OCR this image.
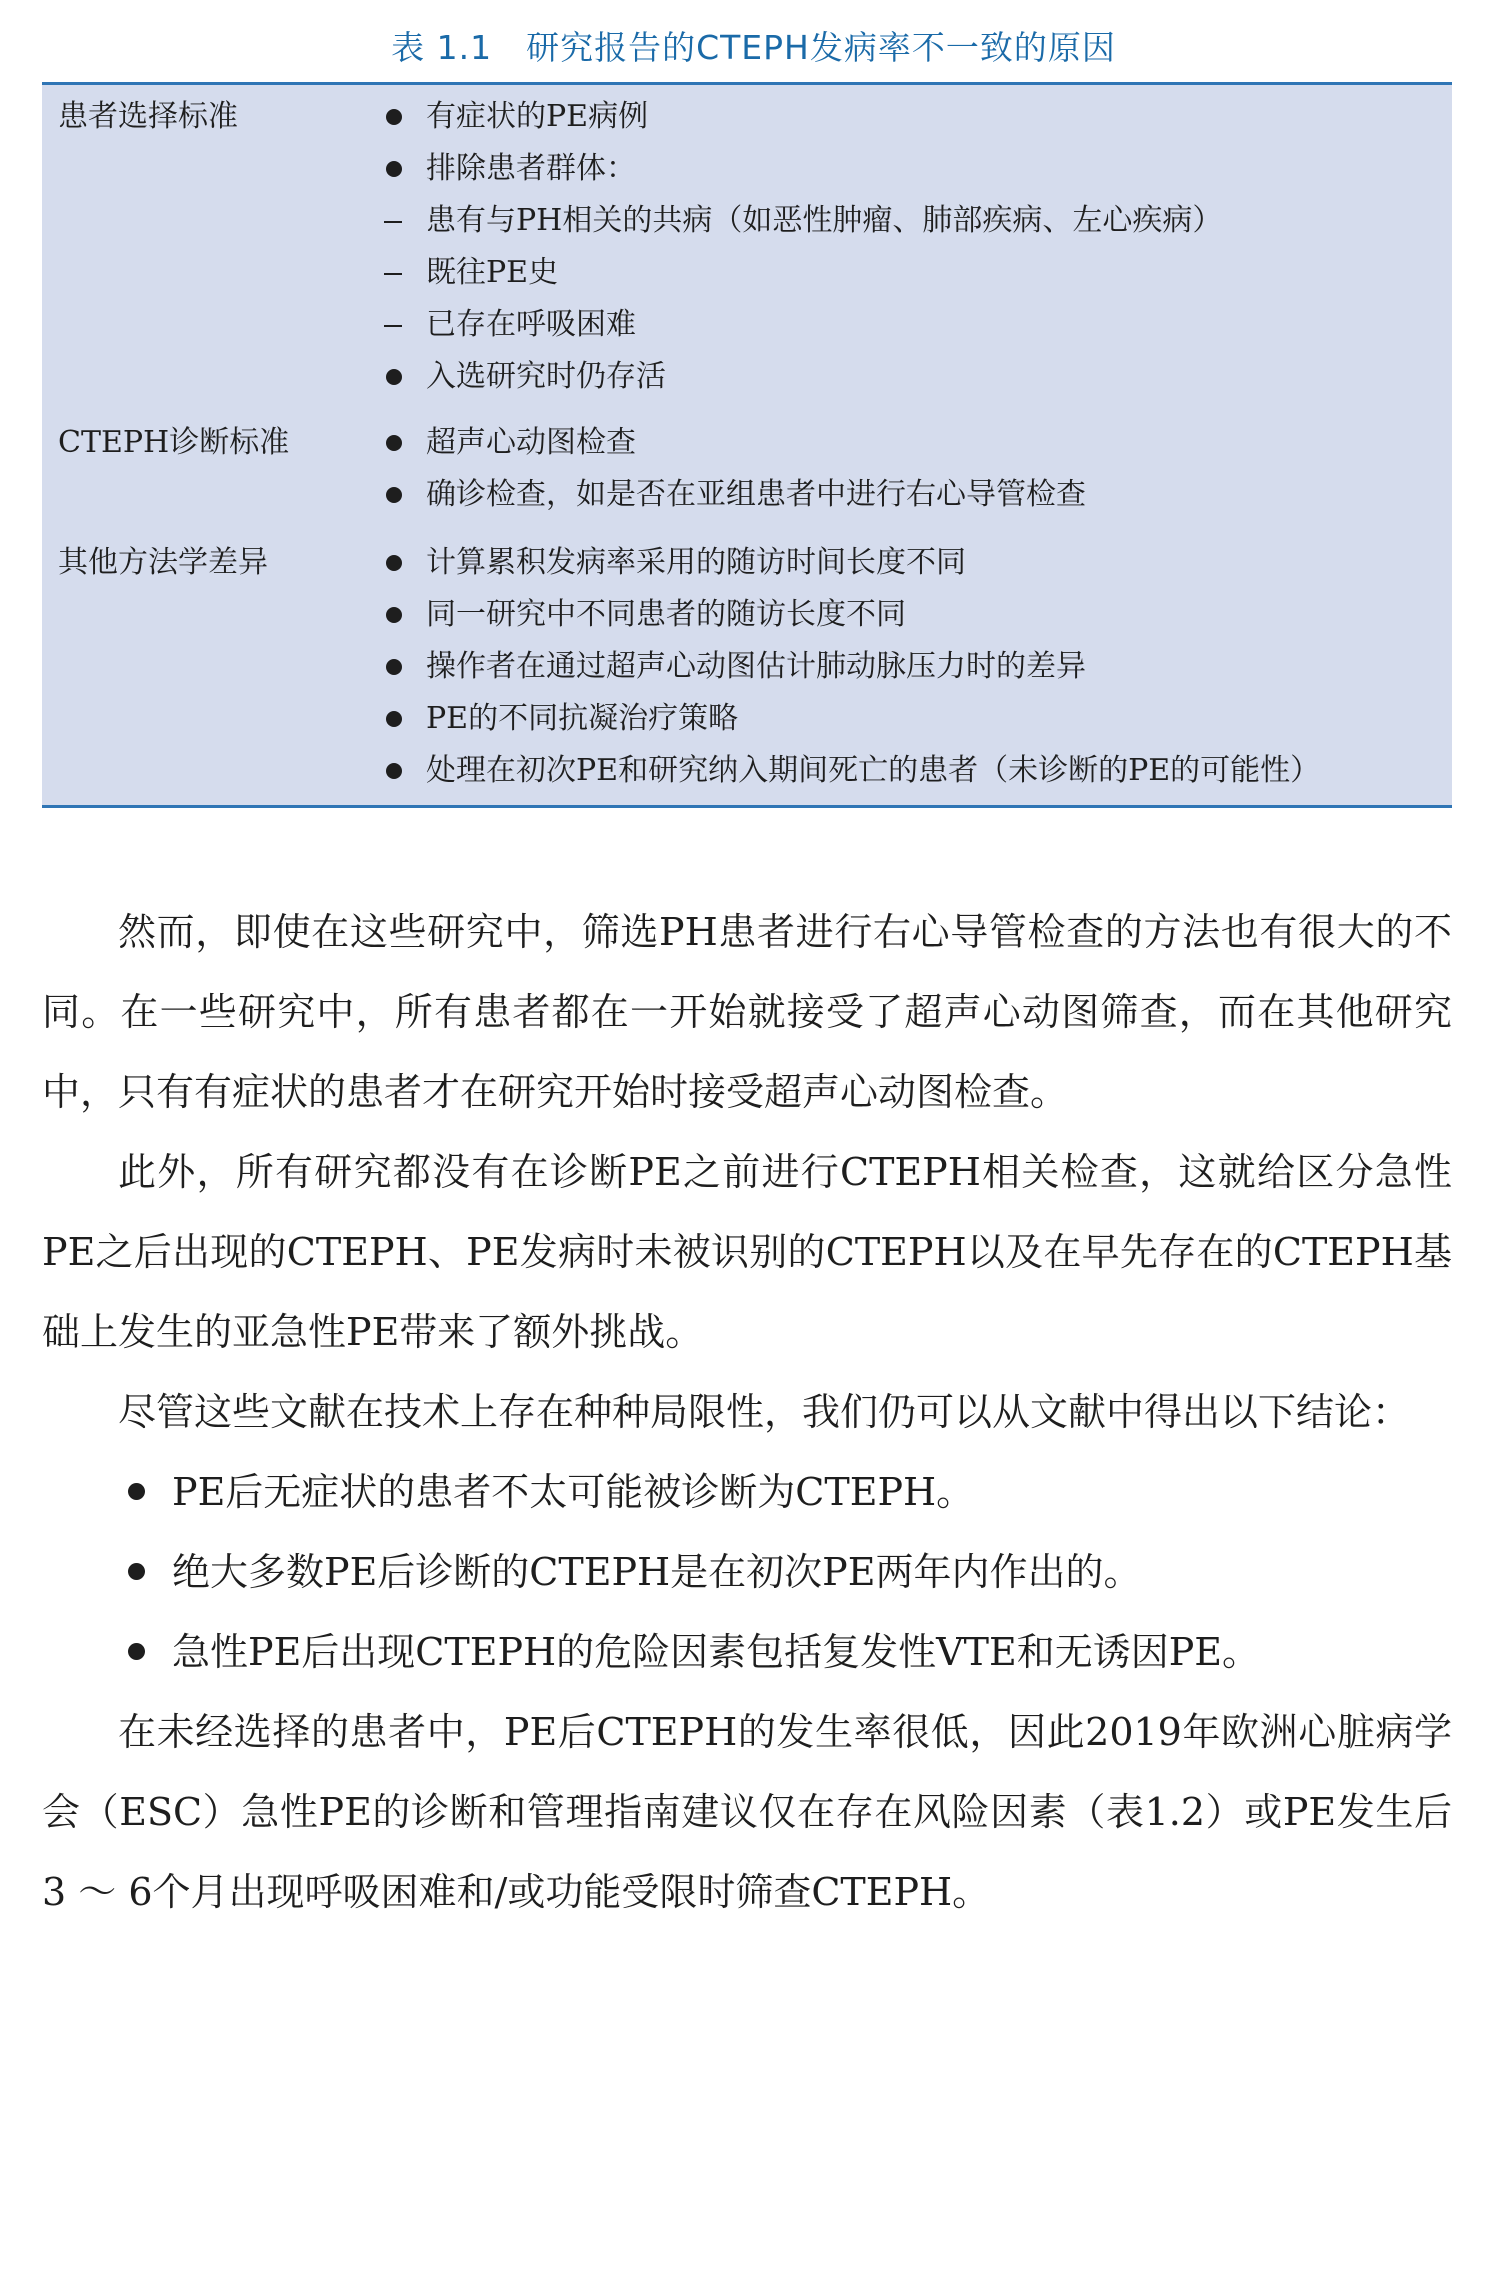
表 1.1 研究报告的CTEPH发病率不一致的原因
患者选择标准	有症状的PE病例
排除患者群体：
患有与PH相关的共病（如恶性肿瘤、肺部疾病、左心疾病）
既往PE史
已存在呼吸困难
入选研究时仍存活
CTEPH诊断标准	超声心动图检查
确诊检查，如是否在亚组患者中进行右心导管检查
其他方法学差异	计算累积发病率采用的随访时间长度不同
同一研究中不同患者的随访长度不同
操作者在通过超声心动图估计肺动脉压力时的差异
PE的不同抗凝治疗策略
处理在初次PE和研究纳入期间死亡的患者（未诊断的PE的可能性）

然而，即使在这些研究中，筛选PH患者进行右心导管检查的方法也有很大的不同。在一些研究中，所有患者都在一开始就接受了超声心动图筛查，而在其他研究中，只有有症状的患者才在研究开始时接受超声心动图检查。

此外，所有研究都没有在诊断PE之前进行CTEPH相关检查，这就给区分急性PE之后出现的CTEPH、PE发病时未被识别的CTEPH以及在早先存在的CTEPH基础上发生的亚急性PE带来了额外挑战。

尽管这些文献在技术上存在种种局限性，我们仍可以从文献中得出以下结论：

PE后无症状的患者不太可能被诊断为CTEPH。
绝大多数PE后诊断的CTEPH是在初次PE两年内作出的。
急性PE后出现CTEPH的危险因素包括复发性VTE和无诱因PE。

在未经选择的患者中，PE后CTEPH的发生率很低，因此2019年欧洲心脏病学会（ESC）急性PE的诊断和管理指南建议仅在存在风险因素（表1.2）或PE发生后3 ～ 6个月出现呼吸困难和/或功能受限时筛查CTEPH。
